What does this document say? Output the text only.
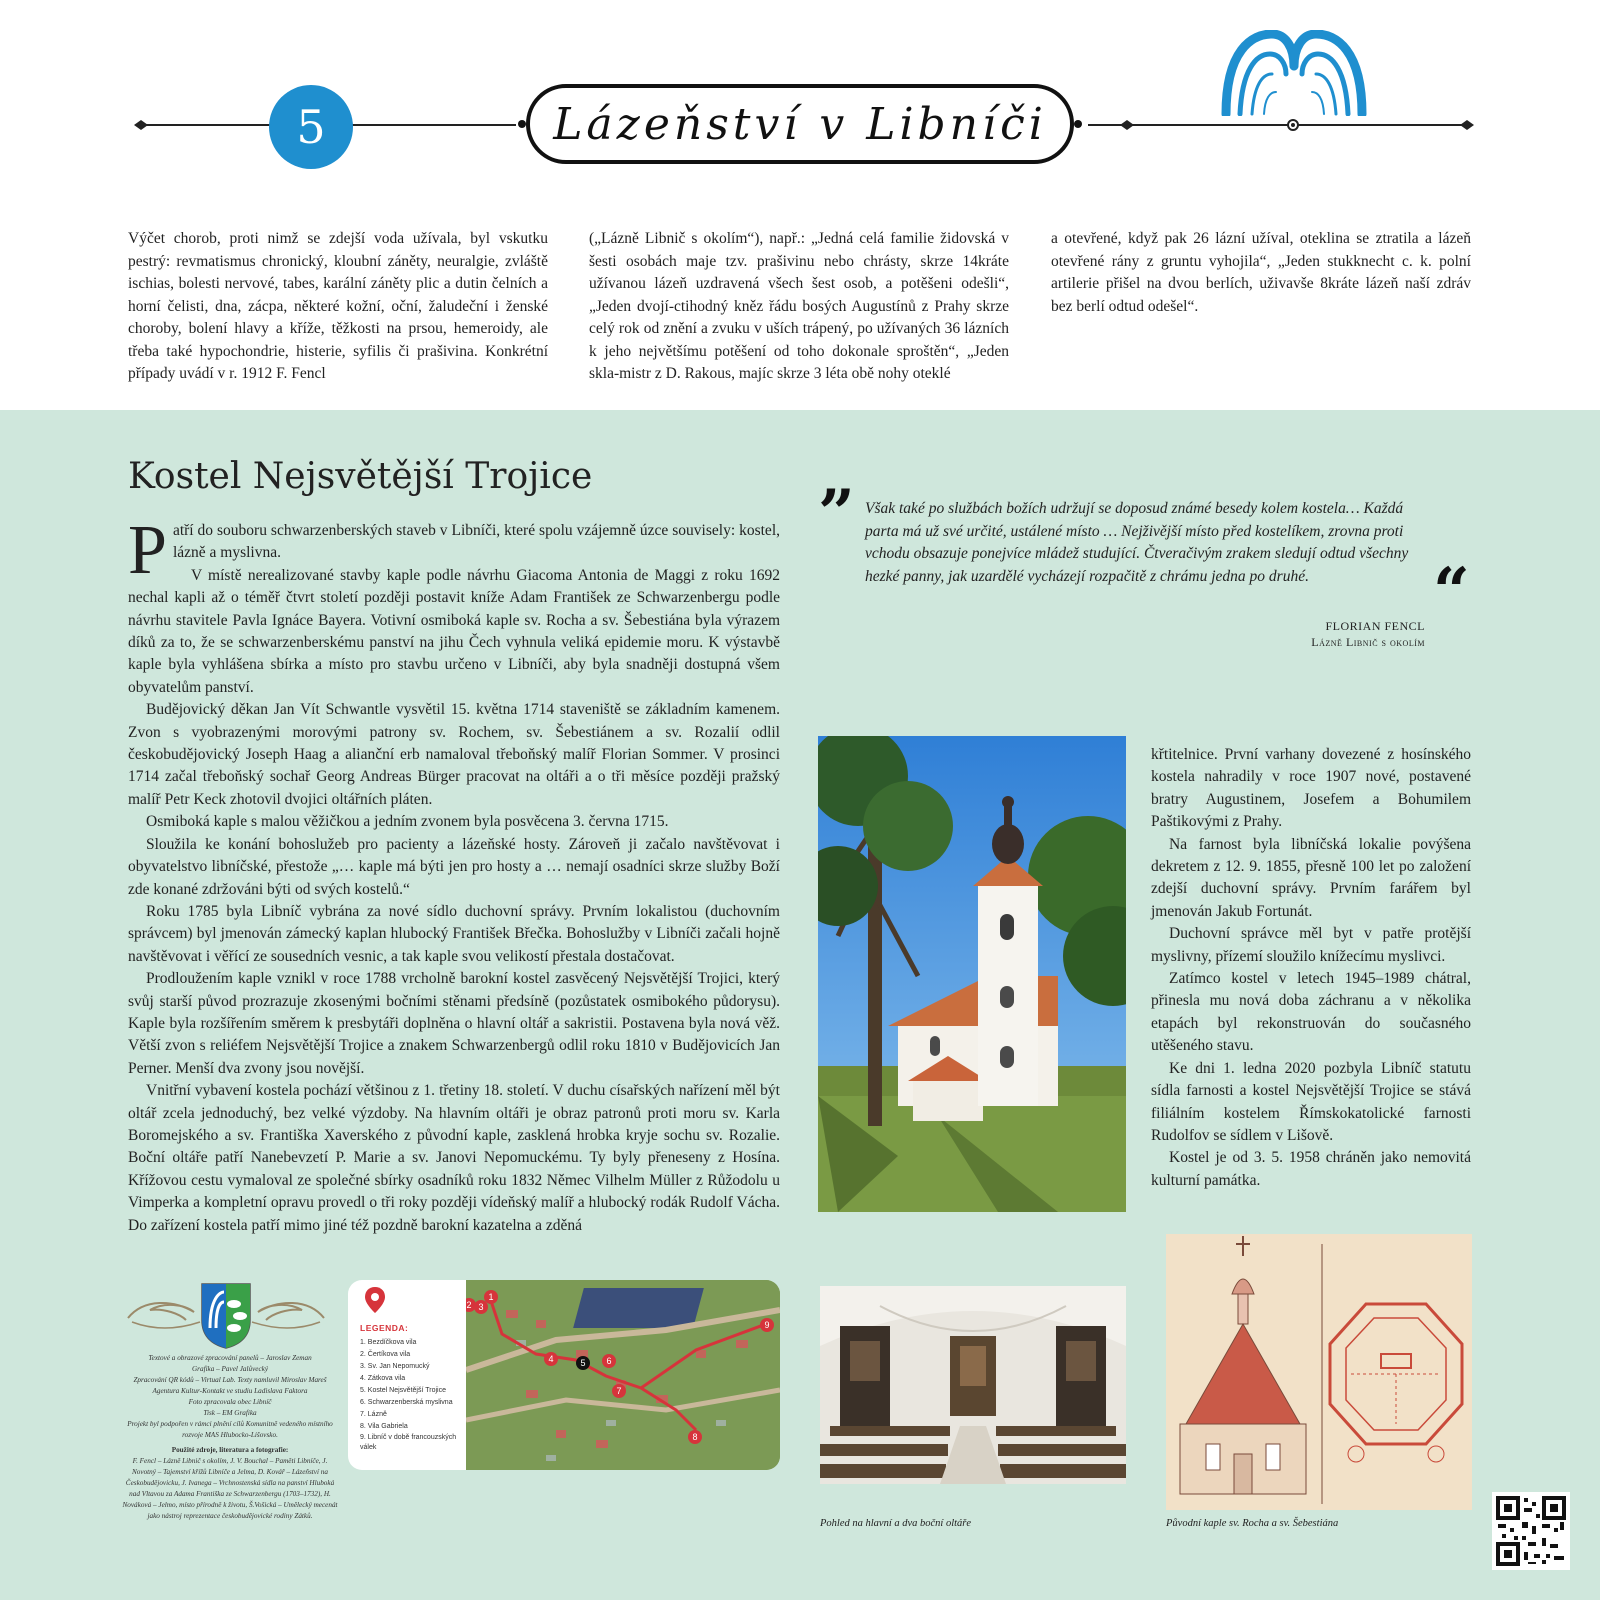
5	Lázeňství v Libníči
Výčet chorob, proti nimž se zdejší voda užívala, byl vskutku pestrý: revmatismus chronický, kloubní záněty, neuralgie, zvláště ischias, bolesti nervové, tabes, karální záněty plic a dutin čelních a horní čelisti, dna, zácpa, některé kožní, oční, žaludeční i ženské choroby, bolení hlavy a kříže, těžkosti na prsou, hemeroidy, ale třeba také hypochondrie, histerie, syfilis či prašivina. Konkrétní případy uvádí v r. 1912 F. Fencl
(„Lázně Libnič s okolím“), např.: „Jedná celá familie židovská v šesti osobách maje tzv. prašivinu nebo chrásty, skrze 14kráte užívanou lázeň uzdravená všech šest osob, a potěšeni odešli“, „Jeden dvojí-ctihodný kněz řádu bosých Augustínů z Prahy skrze celý rok od znění a zvuku v uších trápený, po užívaných 36 lázních k jeho největšímu potěšení od toho dokonale sproštěn“, „Jeden skla-mistr z D. Rakous, majíc skrze 3 léta obě nohy oteklé
a otevřené, když pak 26 lázní užíval, oteklina se ztratila a lázeň otevřené rány z gruntu vyhojila“, „Jeden stukknecht c. k. polní artilerie přišel na dvou berlích, uživavše 8kráte lázeň naší zdráv bez berlí odtud odešel“.
Kostel Nejsvětější Trojice

Patří do souboru schwarzenberských staveb v Libníči, které spolu vzájemně úzce souvisely: kostel, lázně a myslivna.

V místě nerealizované stavby kaple podle návrhu Giacoma Antonia de Maggi z roku 1692 nechal kapli až o téměř čtvrt století později postavit kníže Adam František ze Schwarzenbergu podle návrhu stavitele Pavla Ignáce Bayera. Votivní osmiboká kaple sv. Rocha a sv. Šebestiána byla výrazem díků za to, že se schwarzenberskému panství na jihu Čech vyhnula veliká epidemie moru. K výstavbě kaple byla vyhlášena sbírka a místo pro stavbu určeno v Libníči, aby byla snadněji dostupná všem obyvatelům panství.

Budějovický děkan Jan Vít Schwantle vysvětil 15. května 1714 staveniště se základním kamenem. Zvon s vyobrazenými morovými patrony sv. Rochem, sv. Šebestiánem a sv. Rozalií odlil českobudějovický Joseph Haag a alianční erb namaloval třeboňský malíř Florian Sommer. V prosinci 1714 začal třeboňský sochař Georg Andreas Bürger pracovat na oltáři a o tři měsíce později pražský malíř Petr Keck zhotovil dvojici oltářních pláten.

Osmiboká kaple s malou věžičkou a jedním zvonem byla posvěcena 3. června 1715.

Sloužila ke konání bohoslužeb pro pacienty a lázeňské hosty. Zároveň ji začalo navštěvovat i obyvatelstvo libníčské, přestože „… kaple má býti jen pro hosty a … nemají osadníci skrze služby Boží zde konané zdržováni býti od svých kostelů.“

Roku 1785 byla Libníč vybrána za nové sídlo duchovní správy. Prvním lokalistou (duchovním správcem) byl jmenován zámecký kaplan hlubocký František Břečka. Bohoslužby v Libníči začali hojně navštěvovat i věřící ze sousedních vesnic, a tak kaple svou velikostí přestala dostačovat.

Prodloužením kaple vznikl v roce 1788 vrcholně barokní kostel zasvěcený Nejsvětější Trojici, který svůj starší původ prozrazuje zkosenými bočními stěnami předsíně (pozůstatek osmibokého půdorysu). Kaple byla rozšířením směrem k presbytáři doplněna o hlavní oltář a sakristii. Postavena byla nová věž. Větší zvon s reliéfem Nejsvětější Trojice a znakem Schwarzenbergů odlil roku 1810 v Budějovicích Jan Perner. Menší dva zvony jsou novější.

Vnitřní vybavení kostela pochází většinou z 1. třetiny 18. století. V duchu císařských nařízení měl být oltář zcela jednoduchý, bez velké výzdoby. Na hlavním oltáři je obraz patronů proti moru sv. Karla Boromejského a sv. Františka Xaverského z původní kaple, zasklená hrobka kryje sochu sv. Rozalie. Boční oltáře patří Nanebevzetí P. Marie a sv. Janovi Nepomuckému. Ty byly přeneseny z Hosína. Křížovou cestu vymaloval ze společné sbírky osadníků roku 1832 Němec Vilhelm Müller z Růžodolu u Vimperka a kompletní opravu provedl o tři roky později vídeňský malíř a hlubocký rodák Rudolf Vácha. Do zařízení kostela patří mimo jiné též pozdně barokní kazatelna a zděná

” Však také po službách božích udržují se doposud známé besedy kolem kostela… Každá parta má už své určité, ustálené místo … Nejživější místo před kostelíkem, zrovna proti vchodu obsazuje ponejvíce mládež studující. Čtveračivým zrakem sledují odtud všechny hezké panny, jak uzardělé vycházejí rozpačitě z chrámu jedna po druhé.	“
FLORIAN FENCL
Lázně Libnič s okolím

křtitelnice. První varhany dovezené z hosínského kostela nahradily v roce 1907 nové, postavené bratry Augustinem, Josefem a Bohumilem Paštikovými z Prahy.

Na farnost byla libníčská lokalie povýšena dekretem z 12. 9. 1855, přesně 100 let po založení zdejší duchovní správy. Prvním farářem byl jmenován Jakub Fortunát.

Duchovní správce měl byt v patře protější myslivny, přízemí sloužilo knížecímu myslivci.

Zatímco kostel v letech 1945–1989 chátral, přinesla mu nová doba záchranu a v několika etapách byl rekonstruován do současného utěšeného stavu.

Ke dni 1. ledna 2020 pozbyla Libníč statutu sídla farnosti a kostel Nejsvětější Trojice se stává filiálním kostelem Římskokatolické farnosti Rudolfov se sídlem v Lišově.

Kostel je od 3. 5. 1958 chráněn jako nemovitá kulturní památka.

Textové a obrazové zpracování panelů – Jaroslav Zeman
Grafika – Pavel Jalůvecký
Zpracování QR kódů – Virtual Lab. Texty namluvil Miroslav Mareš
Agentura Kultur-Kontakt ve studiu Ladislava Faktora
Foto zpracovala obec Libníč
Tisk – EM Grafika
Projekt byl podpořen v rámci plnění cílů Komunitně vedeného místního rozvoje MAS Hlubocko-Lišovsko.
Použité zdroje, literatura a fotografie:
F. Fencl – Lázně Libnič s okolím, J. V. Bouchal – Paměti Libníče, J. Novotný – Tajemství křížů Libníče a Jelma, D. Kovář – Lázeňství na Českobudějovicku, J. Ivanega – Vrchnostenská sídla na panství Hluboká nad Vltavou za Adama Františka ze Schwarzenbergu (1703–1732), H. Nováková – Jelmo, místo přírodně k životu, Š.Vošická – Umělecký mecenát jako nástroj reprezentace českobudějovické rodiny Zátků.
LEGENDA:
1. Bezdíčkova vila
2. Čertíkova vila
3. Sv. Jan Nepomucký
4. Zátkova vila
5. Kostel Nejsvětější Trojice
6. Schwarzenberská myslivna
7. Lázně
8. Vila Gabriela
9. Libníč v době francouzských válek
1
2 3
4	5	6
7
8
9
Pohled na hlavní a dva boční oltáře	Původní kaple sv. Rocha a sv. Šebestiána
